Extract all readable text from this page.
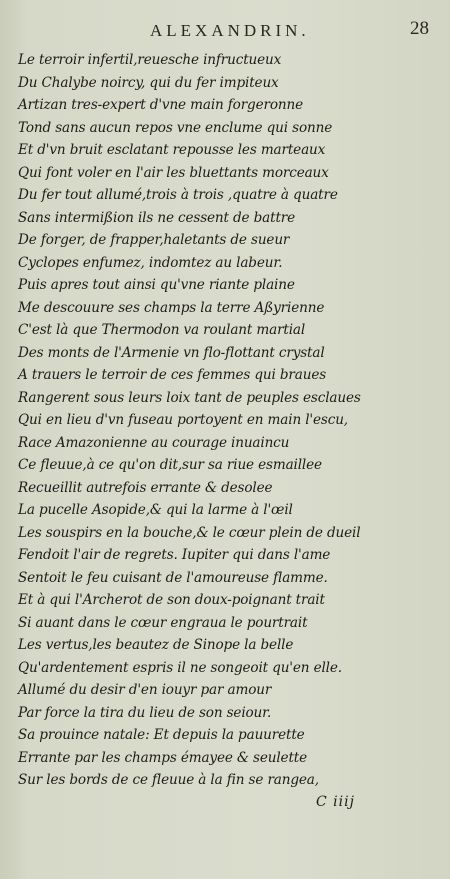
ALEXANDRIN.	28
Le terroir infertil,reuesche infructueux
Du Chalybe noircy, qui du fer impiteux
Artizan tres-expert d'vne main forgeronne
Tond sans aucun repos vne enclume qui sonne
Et d'vn bruit esclatant repousse les marteaux
Qui font voler en l'air les bluettants morceaux
Du fer tout allumé,trois à trois ,quatre à quatre
Sans intermißion ils ne cessent de battre
De forger, de frapper,haletants de sueur
Cyclopes enfumez, indomtez au labeur.
Puis apres tout ainsi qu'vne riante plaine
Me descouure ses champs la terre Aßyrienne
C'est là que Thermodon va roulant martial
Des monts de l'Armenie vn flo-flottant crystal
A trauers le terroir de ces femmes qui braues
Rangerent sous leurs loix tant de peuples esclaues
Qui en lieu d'vn fuseau portoyent en main l'escu,
Race Amazonienne au courage inuaincu
Ce fleuue,à ce qu'on dit,sur sa riue esmaillee
Recueillit autrefois errante & desolee
La pucelle Asopide,& qui la larme à l'œil
Les souspirs en la bouche,& le cœur plein de dueil
Fendoit l'air de regrets. Iupiter qui dans l'ame
Sentoit le feu cuisant de l'amoureuse flamme.
Et à qui l'Archerot de son doux-poignant trait
Si auant dans le cœur engraua le pourtrait
Les vertus,les beautez de Sinope la belle
Qu'ardentement espris il ne songeoit qu'en elle.
Allumé du desir d'en iouyr par amour
Par force la tira du lieu de son seiour.
Sa prouince natale: Et depuis la pauurette
Errante par les champs émayee & seulette
Sur les bords de ce fleuue à la fin se rangea,
C iiij
